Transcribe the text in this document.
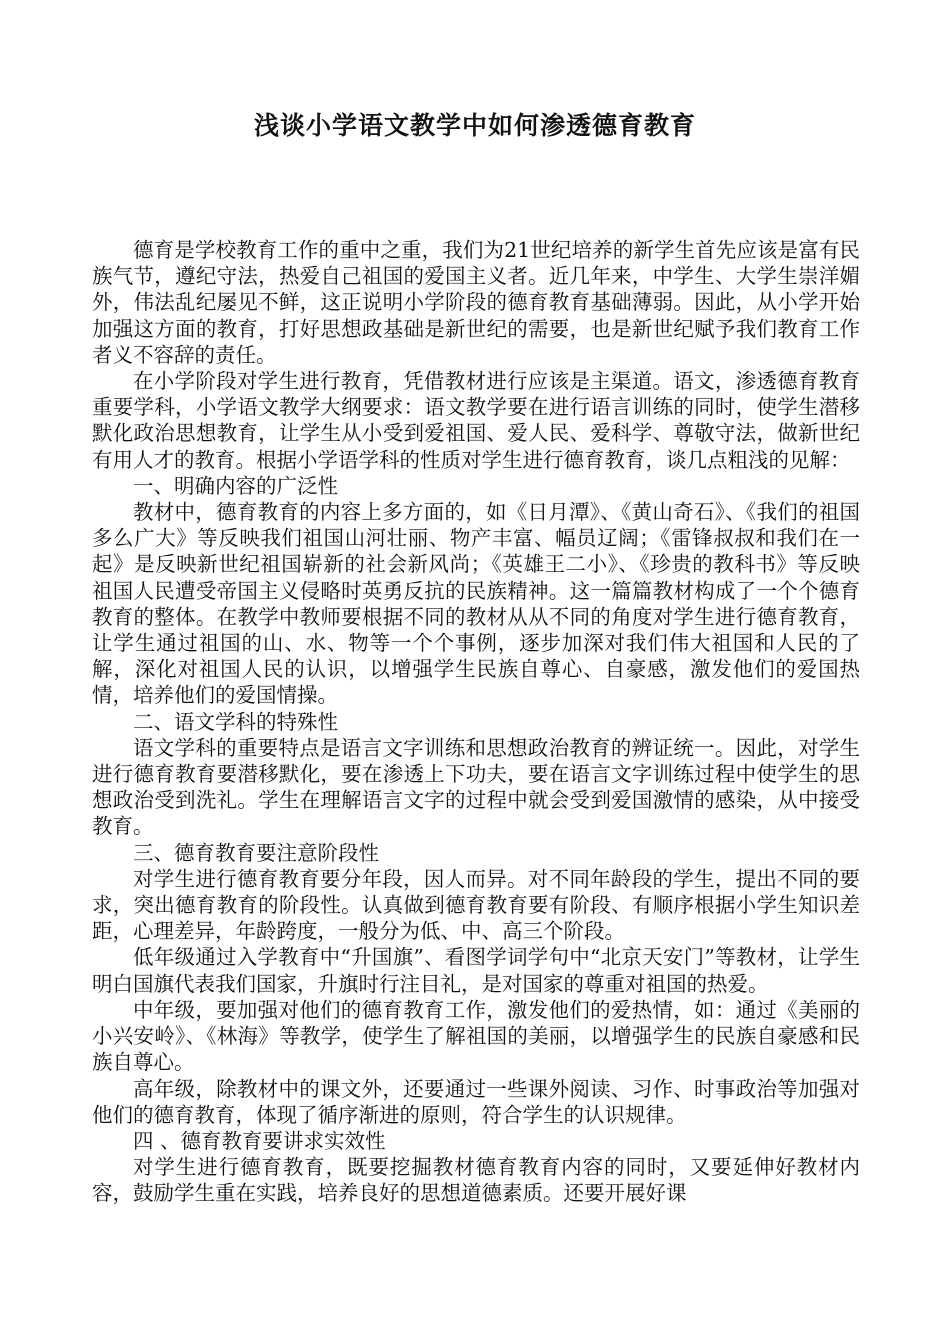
浅谈小学语文教学中如何渗透德育教育

德育是学校教育工作的重中之重，我们为21世纪培养的新学生首先应该是富有民族气节，遵纪守法，热爱自己祖国的爱国主义者。近几年来，中学生、大学生崇洋媚外，伟法乱纪屡见不鲜，这正说明小学阶段的德育教育基础薄弱。因此，从小学开始加强这方面的教育，打好思想政基础是新世纪的需要，也是新世纪赋予我们教育工作者义不容辞的责任。

在小学阶段对学生进行教育，凭借教材进行应该是主渠道。语文，渗透德育教育重要学科，小学语文教学大纲要求：语文教学要在进行语言训练的同时，使学生潜移默化政治思想教育，让学生从小受到爱祖国、爱人民、爱科学、尊敬守法，做新世纪有用人才的教育。根据小学语学科的性质对学生进行德育教育，谈几点粗浅的见解：

一、明确内容的广泛性

教材中，德育教育的内容上多方面的，如《日月潭》、《黄山奇石》、《我们的祖国多么广大》等反映我们祖国山河壮丽、物产丰富、幅员辽阔；《雷锋叔叔和我们在一起》是反映新世纪祖国崭新的社会新风尚；《英雄王二小》、《珍贵的教科书》等反映祖国人民遭受帝国主义侵略时英勇反抗的民族精神。这一篇篇教材构成了一个个德育教育的整体。在教学中教师要根据不同的教材从从不同的角度对学生进行德育教育，让学生通过祖国的山、水、物等一个个事例，逐步加深对我们伟大祖国和人民的了解，深化对祖国人民的认识，以增强学生民族自尊心、自豪感，激发他们的爱国热情，培养他们的爱国情操。

二、语文学科的特殊性

语文学科的重要特点是语言文字训练和思想政治教育的辨证统一。因此，对学生进行德育教育要潜移默化，要在渗透上下功夫，要在语言文字训练过程中使学生的思想政治受到洗礼。学生在理解语言文字的过程中就会受到爱国激情的感染，从中接受教育。

三、德育教育要注意阶段性

对学生进行德育教育要分年段，因人而异。对不同年龄段的学生，提出不同的要求，突出德育教育的阶段性。认真做到德育教育要有阶段、有顺序根据小学生知识差距，心理差异，年龄跨度，一般分为低、中、高三个阶段。

低年级通过入学教育中“升国旗”、看图学词学句中“北京天安门”等教材，让学生明白国旗代表我们国家，升旗时行注目礼，是对国家的尊重对祖国的热爱。

中年级，要加强对他们的德育教育工作，激发他们的爱热情，如：通过《美丽的小兴安岭》、《林海》等教学，使学生了解祖国的美丽，以增强学生的民族自豪感和民族自尊心。

高年级，除教材中的课文外，还要通过一些课外阅读、习作、时事政治等加强对他们的德育教育，体现了循序渐进的原则，符合学生的认识规律。

四 、德育教育要讲求实效性

对学生进行德育教育，既要挖掘教材德育教育内容的同时，又要延伸好教材内容，鼓励学生重在实践，培养良好的思想道德素质。还要开展好课
